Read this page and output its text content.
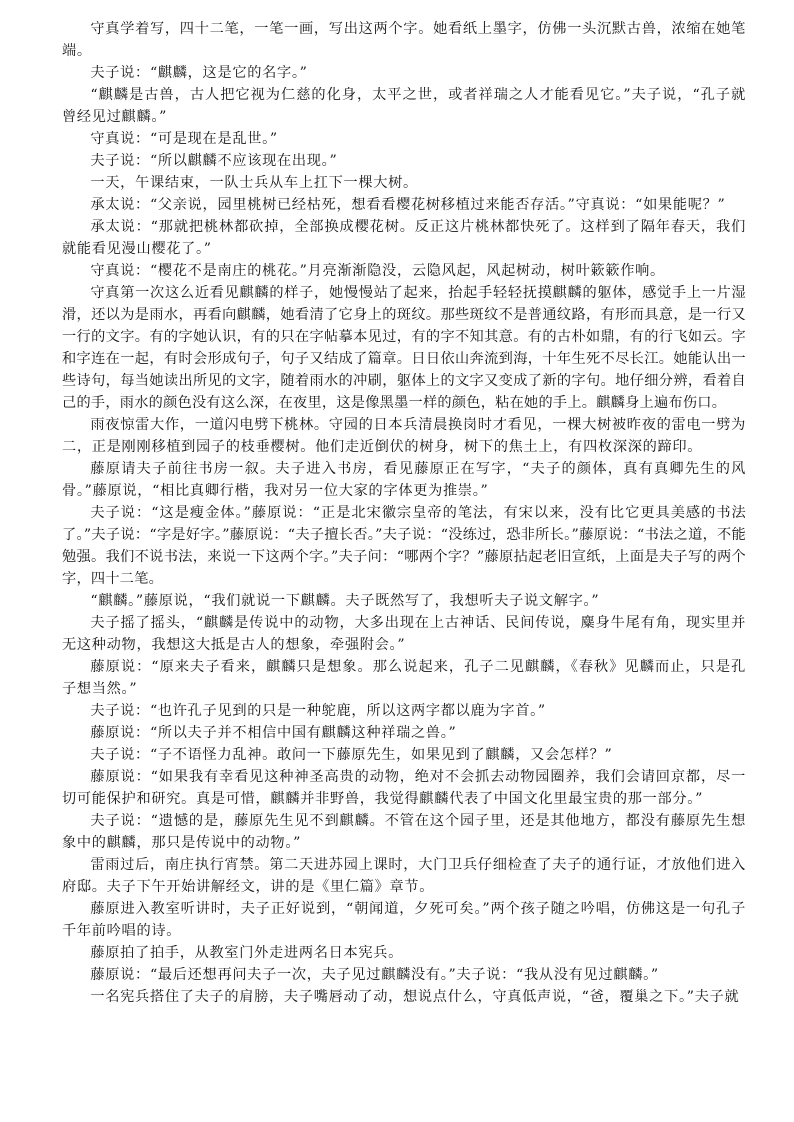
守真学着写，四十二笔，一笔一画，写出这两个字。她看纸上墨字，仿佛一头沉默古兽，浓缩在她笔端。

夫子说：“麒麟，这是它的名字。”

“麒麟是古兽，古人把它视为仁慈的化身，太平之世，或者祥瑞之人才能看见它。”夫子说，“孔子就曾经见过麒麟。”

守真说：“可是现在是乱世。”

夫子说：“所以麒麟不应该现在出现。”

一天，午课结束，一队士兵从车上扛下一棵大树。

承太说：“父亲说，园里桃树已经枯死，想看看樱花树移植过来能否存活。”守真说：“如果能呢？”

承太说：“那就把桃林都砍掉，全部换成樱花树。反正这片桃林都快死了。这样到了隔年春天，我们就能看见漫山樱花了。”

守真说：“樱花不是南庄的桃花。”月亮渐渐隐没，云隐风起，风起树动，树叶簌簌作响。

守真第一次这么近看见麒麟的样子，她慢慢站了起来，抬起手轻轻抚摸麒麟的躯体，感觉手上一片湿滑，还以为是雨水，再看向麒麟，她看清了它身上的斑纹。那些斑纹不是普通纹路，有形而具意，是一行又一行的文字。有的字她认识，有的只在字帖摹本见过，有的字不知其意。有的古朴如鼎，有的行飞如云。字和字连在一起，有时会形成句子，句子又结成了篇章。日日依山奔流到海，十年生死不尽长江。她能认出一些诗句，每当她读出所见的文字，随着雨水的冲刷，躯体上的文字又变成了新的字句。地仔细分辨，看着自己的手，雨水的颜色没有这么深，在夜里，这是像黑墨一样的颜色，粘在她的手上。麒麟身上遍布伤口。

雨夜惊雷大作，一道闪电劈下桃林。守园的日本兵清晨换岗时才看见，一棵大树被昨夜的雷电一劈为二，正是刚刚移植到园子的枝垂樱树。他们走近倒伏的树身，树下的焦土上，有四枚深深的蹄印。

藤原请夫子前往书房一叙。夫子进入书房，看见藤原正在写字，“夫子的颜体，真有真卿先生的风骨。”藤原说，“相比真卿行楷，我对另一位大家的字体更为推崇。”

夫子说：“这是瘦金体。”藤原说：“正是北宋徽宗皇帝的笔法，有宋以来，没有比它更具美感的书法了。”夫子说：“字是好字。”藤原说：“夫子擅长否。”夫子说：“没练过，恐非所长。”藤原说：“书法之道，不能勉强。我们不说书法，来说一下这两个字。”夫子问：“哪两个字？”藤原拈起老旧宣纸，上面是夫子写的两个字，四十二笔。

“麒麟。”藤原说，“我们就说一下麒麟。夫子既然写了，我想听夫子说文解字。”

夫子摇了摇头，“麒麟是传说中的动物，大多出现在上古神话、民间传说，麋身牛尾有角，现实里并无这种动物，我想这大抵是古人的想象，牵强附会。”

藤原说：“原来夫子看来，麒麟只是想象。那么说起来，孔子二见麒麟，《春秋》见麟而止，只是孔子想当然。”

夫子说：“也许孔子见到的只是一种鸵鹿，所以这两字都以鹿为字首。”

藤原说：“所以夫子并不相信中国有麒麟这种祥瑞之兽。”

夫子说：“子不语怪力乱神。敢问一下藤原先生，如果见到了麒麟，又会怎样？”

藤原说：“如果我有幸看见这种神圣高贵的动物，绝对不会抓去动物园圈养，我们会请回京都，尽一切可能保护和研究。真是可惜，麒麟并非野兽，我觉得麒麟代表了中国文化里最宝贵的那一部分。”

夫子说：“遗憾的是，藤原先生见不到麒麟。不管在这个园子里，还是其他地方，都没有藤原先生想象中的麒麟，那只是传说中的动物。”

雷雨过后，南庄执行宵禁。第二天进苏园上课时，大门卫兵仔细检查了夫子的通行证，才放他们进入府邸。夫子下午开始讲解经文，讲的是《里仁篇》章节。

藤原进入教室听讲时，夫子正好说到，“朝闻道，夕死可矣。”两个孩子随之吟唱，仿佛这是一句孔子千年前吟唱的诗。

藤原拍了拍手，从教室门外走进两名日本宪兵。

藤原说：“最后还想再问夫子一次，夫子见过麒麟没有。”夫子说：“我从没有见过麒麟。”

一名宪兵搭住了夫子的肩膀，夫子嘴唇动了动，想说点什么，守真低声说，“爸，覆巢之下。”夫子就
